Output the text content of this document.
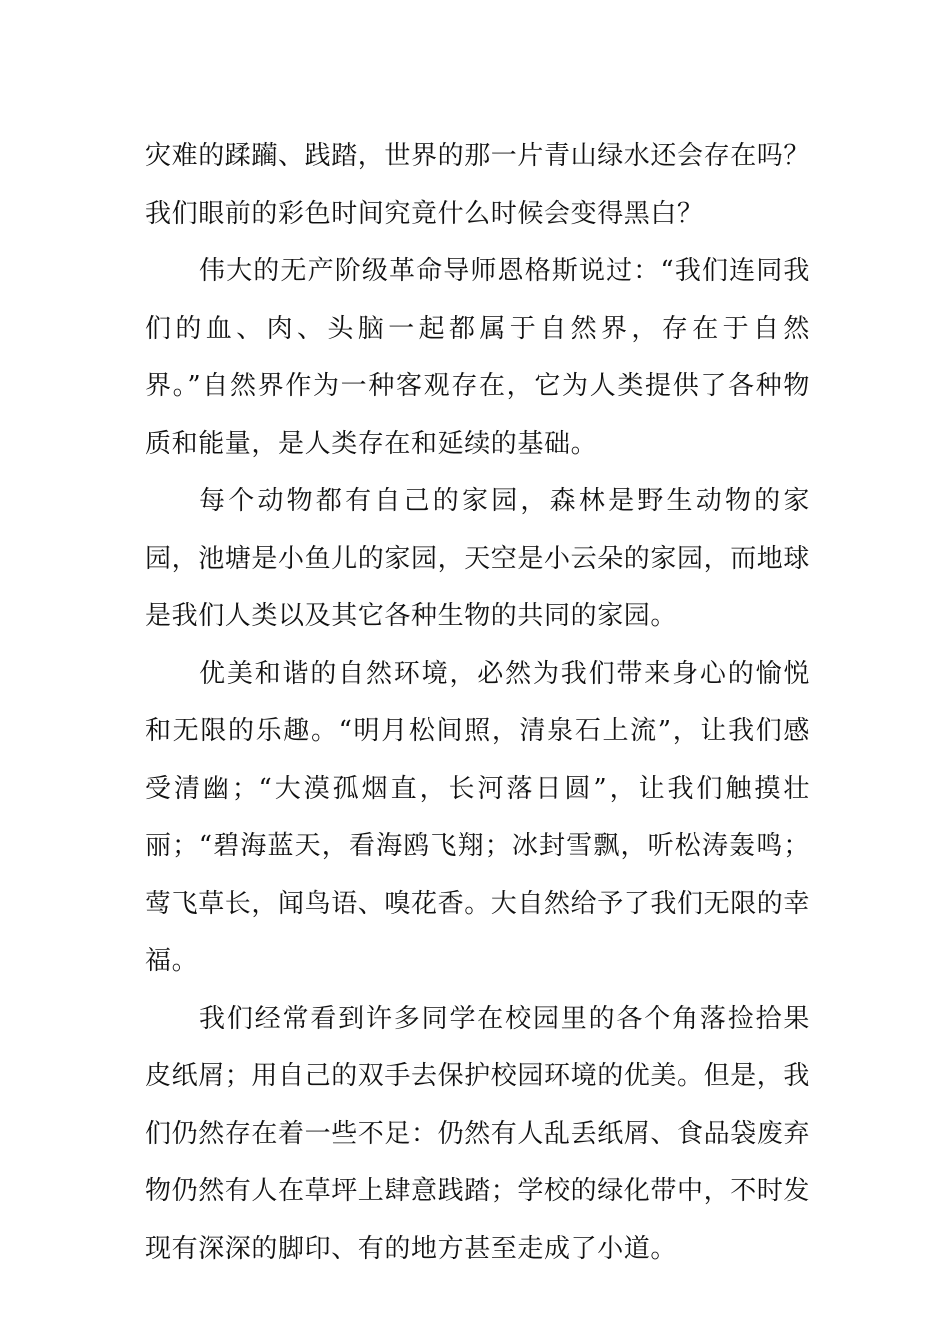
灾难的蹂躏、践踏，世界的那一片青山绿水还会存在吗？我们眼前的彩色时间究竟什么时候会变得黑白？

伟大的无产阶级革命导师恩格斯说过：“我们连同我们的血、肉、头脑一起都属于自然界，存在于自然界。”自然界作为一种客观存在，它为人类提供了各种物质和能量，是人类存在和延续的基础。

每个动物都有自己的家园，森林是野生动物的家园，池塘是小鱼儿的家园，天空是小云朵的家园，而地球是我们人类以及其它各种生物的共同的家园。

优美和谐的自然环境，必然为我们带来身心的愉悦和无限的乐趣。“明月松间照，清泉石上流”，让我们感受清幽；“大漠孤烟直，长河落日圆”，让我们触摸壮丽；“碧海蓝天，看海鸥飞翔；冰封雪飘，听松涛轰鸣；莺飞草长，闻鸟语、嗅花香。大自然给予了我们无限的幸福。

我们经常看到许多同学在校园里的各个角落捡拾果皮纸屑；用自己的双手去保护校园环境的优美。但是，我们仍然存在着一些不足：仍然有人乱丢纸屑、食品袋废弃物仍然有人在草坪上肆意践踏；学校的绿化带中，不时发现有深深的脚印、有的地方甚至走成了小道。
